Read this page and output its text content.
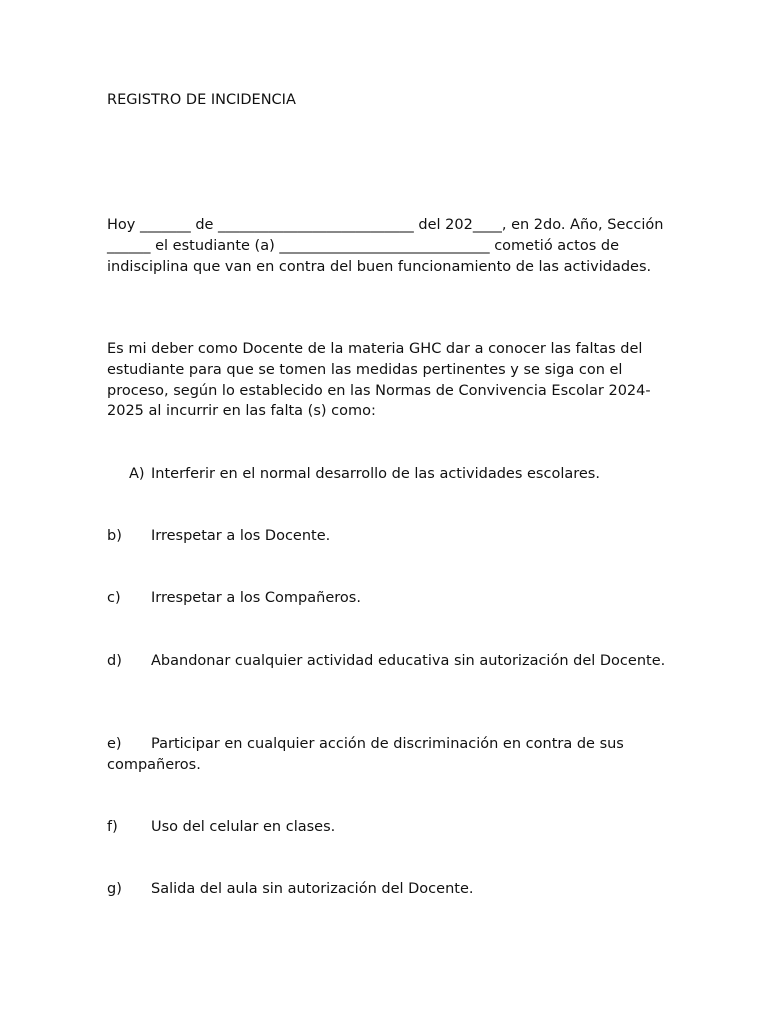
REGISTRO DE INCIDENCIA

Hoy _______ de ___________________________ del 202____, en 2do. Año, Sección ______ el estudiante (a) _____________________________ cometió actos de indisciplina que van en contra del buen funcionamiento de las actividades.

Es mi deber como Docente de la materia GHC dar a conocer las faltas del estudiante para que se tomen las medidas pertinentes y se siga con el proceso, según lo establecido en las Normas de Convivencia Escolar 2024-2025 al incurrir en las falta (s) como:

A) Interferir en el normal desarrollo de las actividades escolares.

b) Irrespetar a los Docente.

c) Irrespetar a los Compañeros.

d) Abandonar cualquier actividad educativa sin autorización del Docente.

e) Participar en cualquier acción de discriminación en contra de sus compañeros.

f) Uso del celular en clases.

g) Salida del aula sin autorización del Docente.
